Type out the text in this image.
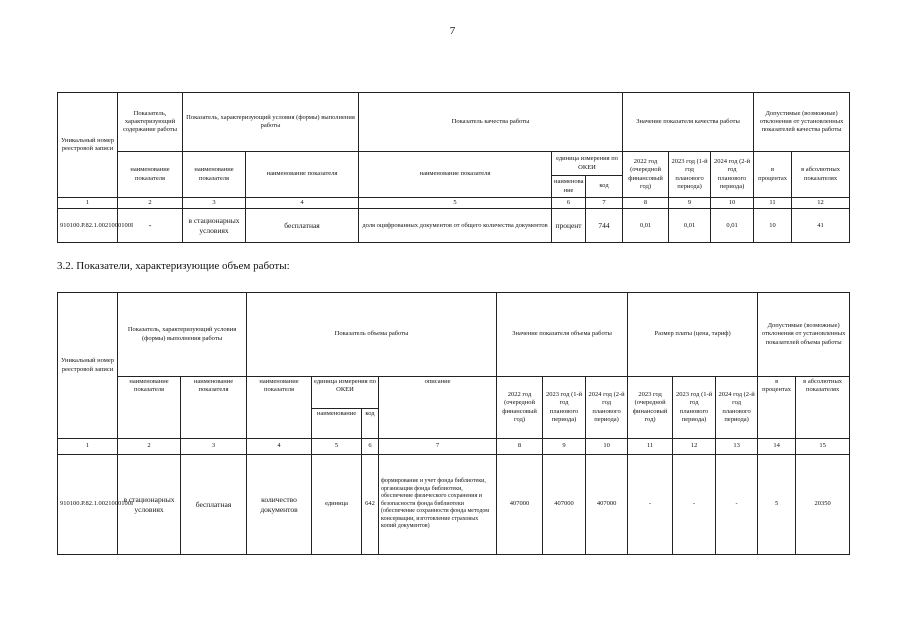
7
Уникальный номер реестровой записи	Показатель, характеризующий содержание работы	Показатель, характеризующий условия (формы) выполнения работы		Показатель качества работы			Значение показателя качества работы			Допустимые (возможные) отклонения от установленных показателей качества работы	
	наименование показателя	наименование показателя	наименование показателя	наименование показателя	единица измерения по ОКЕИ		2022 год (очередной финансовый год)	2023 год (1-й год планового периода)	2024 год (2-й год планового периода)	в процентах	в абсолютных показателях
					наименова ние	код					
1	2	3	4	5	6	7	8	9	10	11	12
910100.Р.82.1.0021000100I	-	в стационарных условиях	бесплатная	доля оцифрованных документов от общего количества документов	процент	744	0,01	0,01	0,01	10	41
3.2. Показатели, характеризующие объем работы:
Уникальный номер реестровой записи	Показатель, характеризующий условия (формы) выполнения работы		Показатель объема работы				Значение показателя объема работы			Размер платы (цена, тариф)			Допустимые (возможные) отклонения от установленных показателей объема работы	
	наименование показателя	наименование показателя	наименование показателя	единица измерения по ОКЕИ		описание	2022 год (очередной финансовый год)	2023 год (1-й год планового периода)	2024 год (2-й год планового периода)	2023 год (очередной финансовый год)	2023 год (1-й год планового периода)	2024 год (2-й год планового периода)	в процентах	в абсолютных показателях
				наименование	код									
1	2	3	4	5	6	7	8	9	10	11	12	13	14	15
910100.Р.82.1.0021000100I	в стационарных условиях	бесплатная	количество документов	единица	642	формирование и учет фонда библиотеки, организация фонда библиотеки, обеспечение физического сохранения и безопасности фонда библиотеки (обеспечение сохранности фонда методом консервации, изготовление страховых копий документов)	407000	407000	407000	-	-	-	5	20350
